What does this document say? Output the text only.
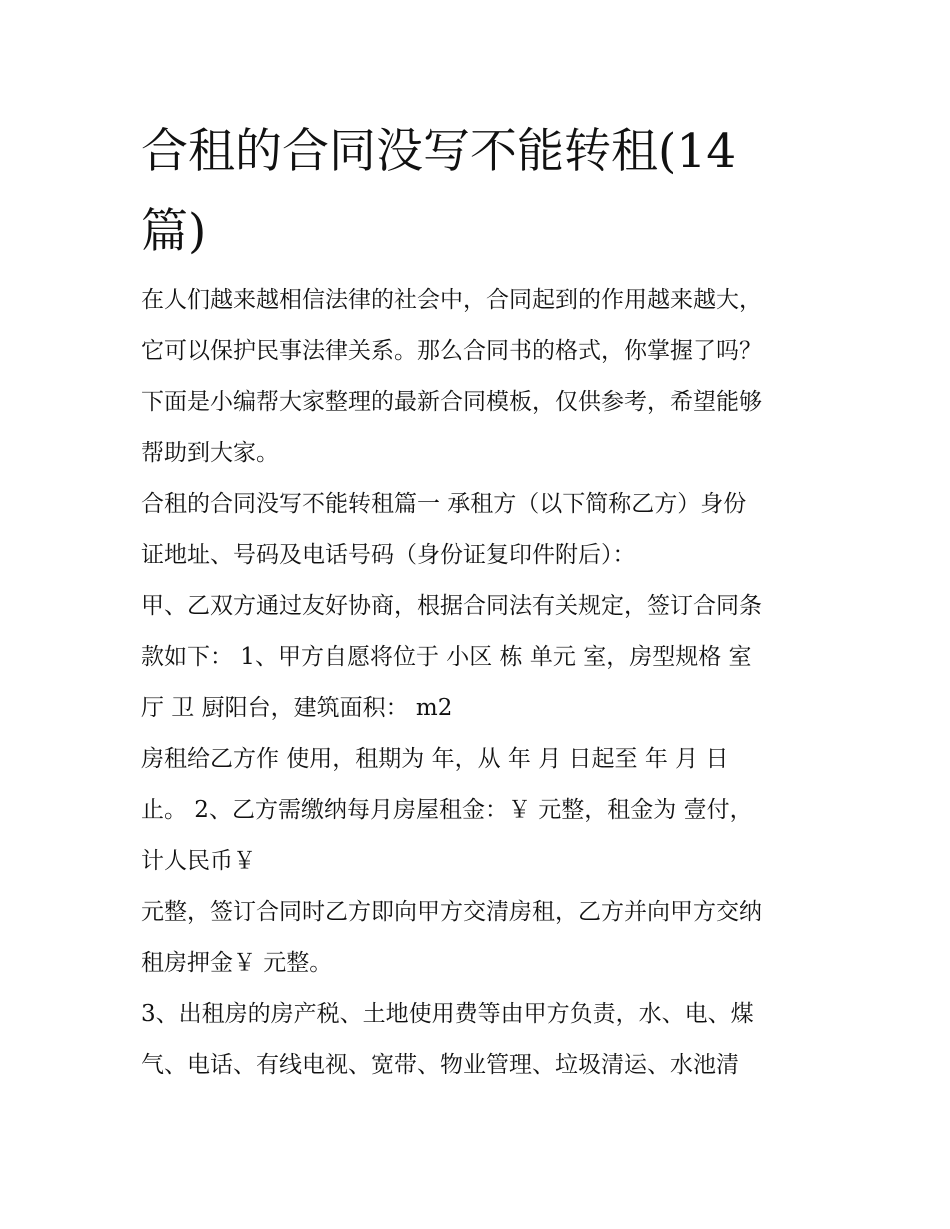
合租的合同没写不能转租(14
篇)
在人们越来越相信法律的社会中，合同起到的作用越来越大，
它可以保护民事法律关系。那么合同书的格式，你掌握了吗？
下面是小编帮大家整理的最新合同模板，仅供参考，希望能够
帮助到大家。
合租的合同没写不能转租篇一 承租方（以下简称乙方）身份
证地址、号码及电话号码（身份证复印件附后）：
甲、乙双方通过友好协商，根据合同法有关规定，签订合同条
款如下： 1、甲方自愿将位于 小区 栋 单元 室，房型规格 室
厅 卫 厨阳台，建筑面积： m2
房租给乙方作 使用，租期为 年，从 年 月 日起至 年 月 日
止。 2、乙方需缴纳每月房屋租金：￥ 元整，租金为 壹付，
计人民币￥
元整，签订合同时乙方即向甲方交清房租，乙方并向甲方交纳
租房押金￥ 元整。
3、出租房的房产税、土地使用费等由甲方负责，水、电、煤
气、电话、有线电视、宽带、物业管理、垃圾清运、水池清
